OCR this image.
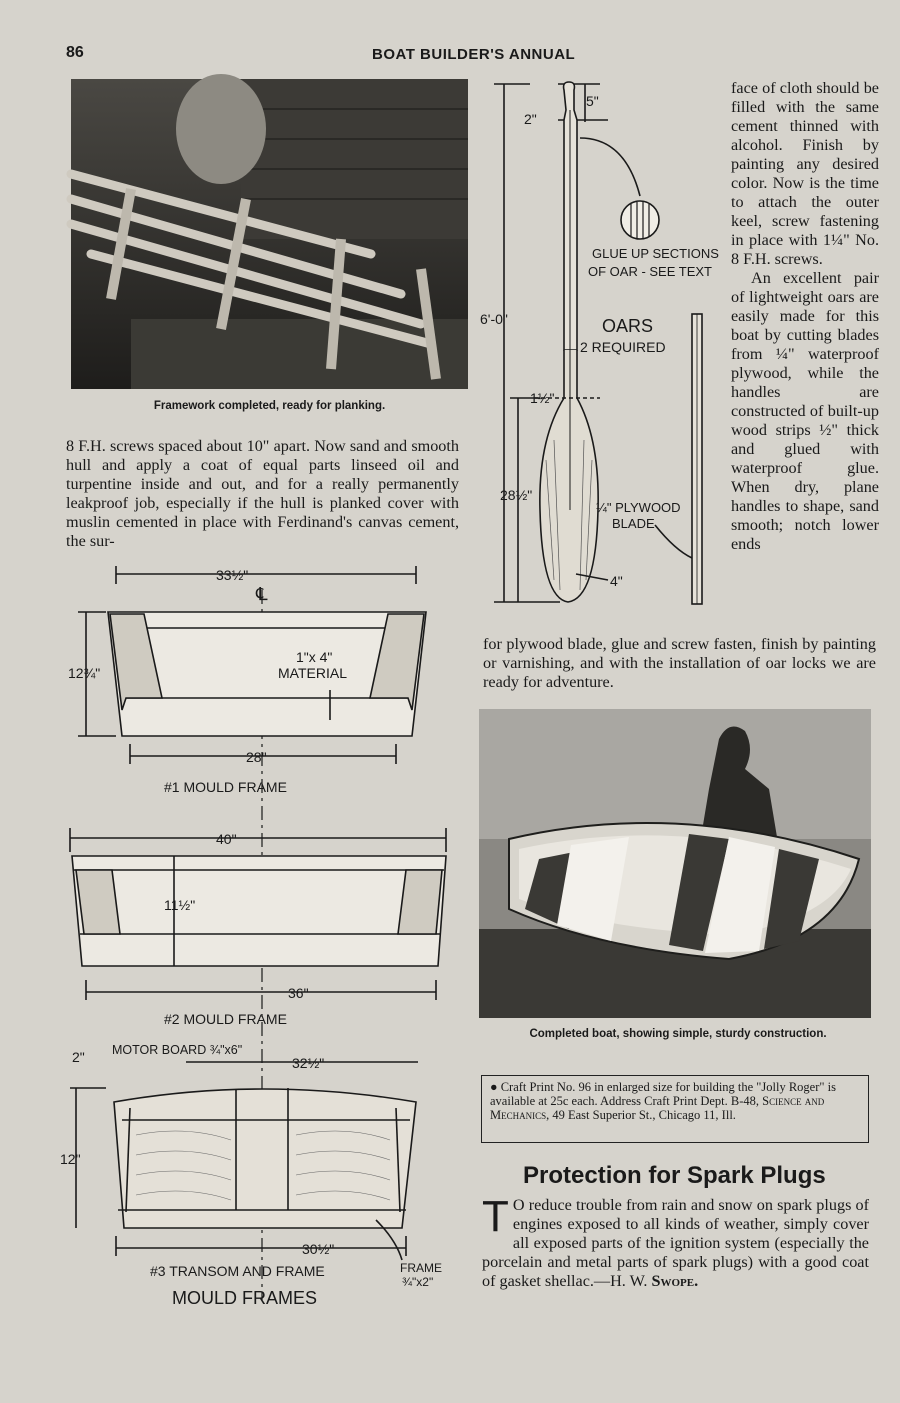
86	BOAT BUILDER'S ANNUAL
Framework completed, ready for planking.
8 F.H. screws spaced about 10" apart. Now sand and smooth hull and apply a coat of equal parts linseed oil and turpentine inside and out, and for a really permanently leakproof job, especially if the hull is planked cover with muslin cemented in place with Ferdinand's canvas cement, the sur-
face of cloth should be filled with the same cement thinned with alcohol. Finish by painting any desired color. Now is the time to attach the outer keel, screw fastening in place with 1¼" No. 8 F.H. screws.
An excellent pair of lightweight oars are easily made for this boat by cutting blades from ¼" waterproof plywood, while the handles are constructed of built-up wood strips ½" thick and glued with waterproof glue. When dry, plane handles to shape, sand smooth; notch lower ends
for plywood blade, glue and screw fasten, finish by painting or varnishing, and with the installation of oar locks we are ready for adventure.
5"
2"
6'-0"
1½"
28½"
4"
GLUE UP SECTIONS
OF OAR - SEE TEXT
OARS
2 REQUIRED
¼" PLYWOOD
BLADE
33½"
℄
12¾"
1"x 4"
MATERIAL
28"
#1 MOULD FRAME
40"
11½"
36"
#2 MOULD FRAME
MOTOR BOARD ¾"x6"
32½"
2"
12"
30½"
#3 TRANSOM AND FRAME	FRAME
¾"x2"
MOULD FRAMES
Completed boat, showing simple, sturdy construction.
● Craft Print No. 96 in enlarged size for building the "Jolly Roger" is available at 25c each. Address Craft Print Dept. B-48, Science and Mechanics, 49 East Superior St., Chicago 11, Ill.
Protection for Spark Plugs
T O reduce trouble from rain and snow on spark plugs of engines exposed to all kinds of weather, simply cover all exposed parts of the ignition system (especially the porcelain and metal parts of spark plugs) with a good coat of gasket shellac.—H. W. Swope.
